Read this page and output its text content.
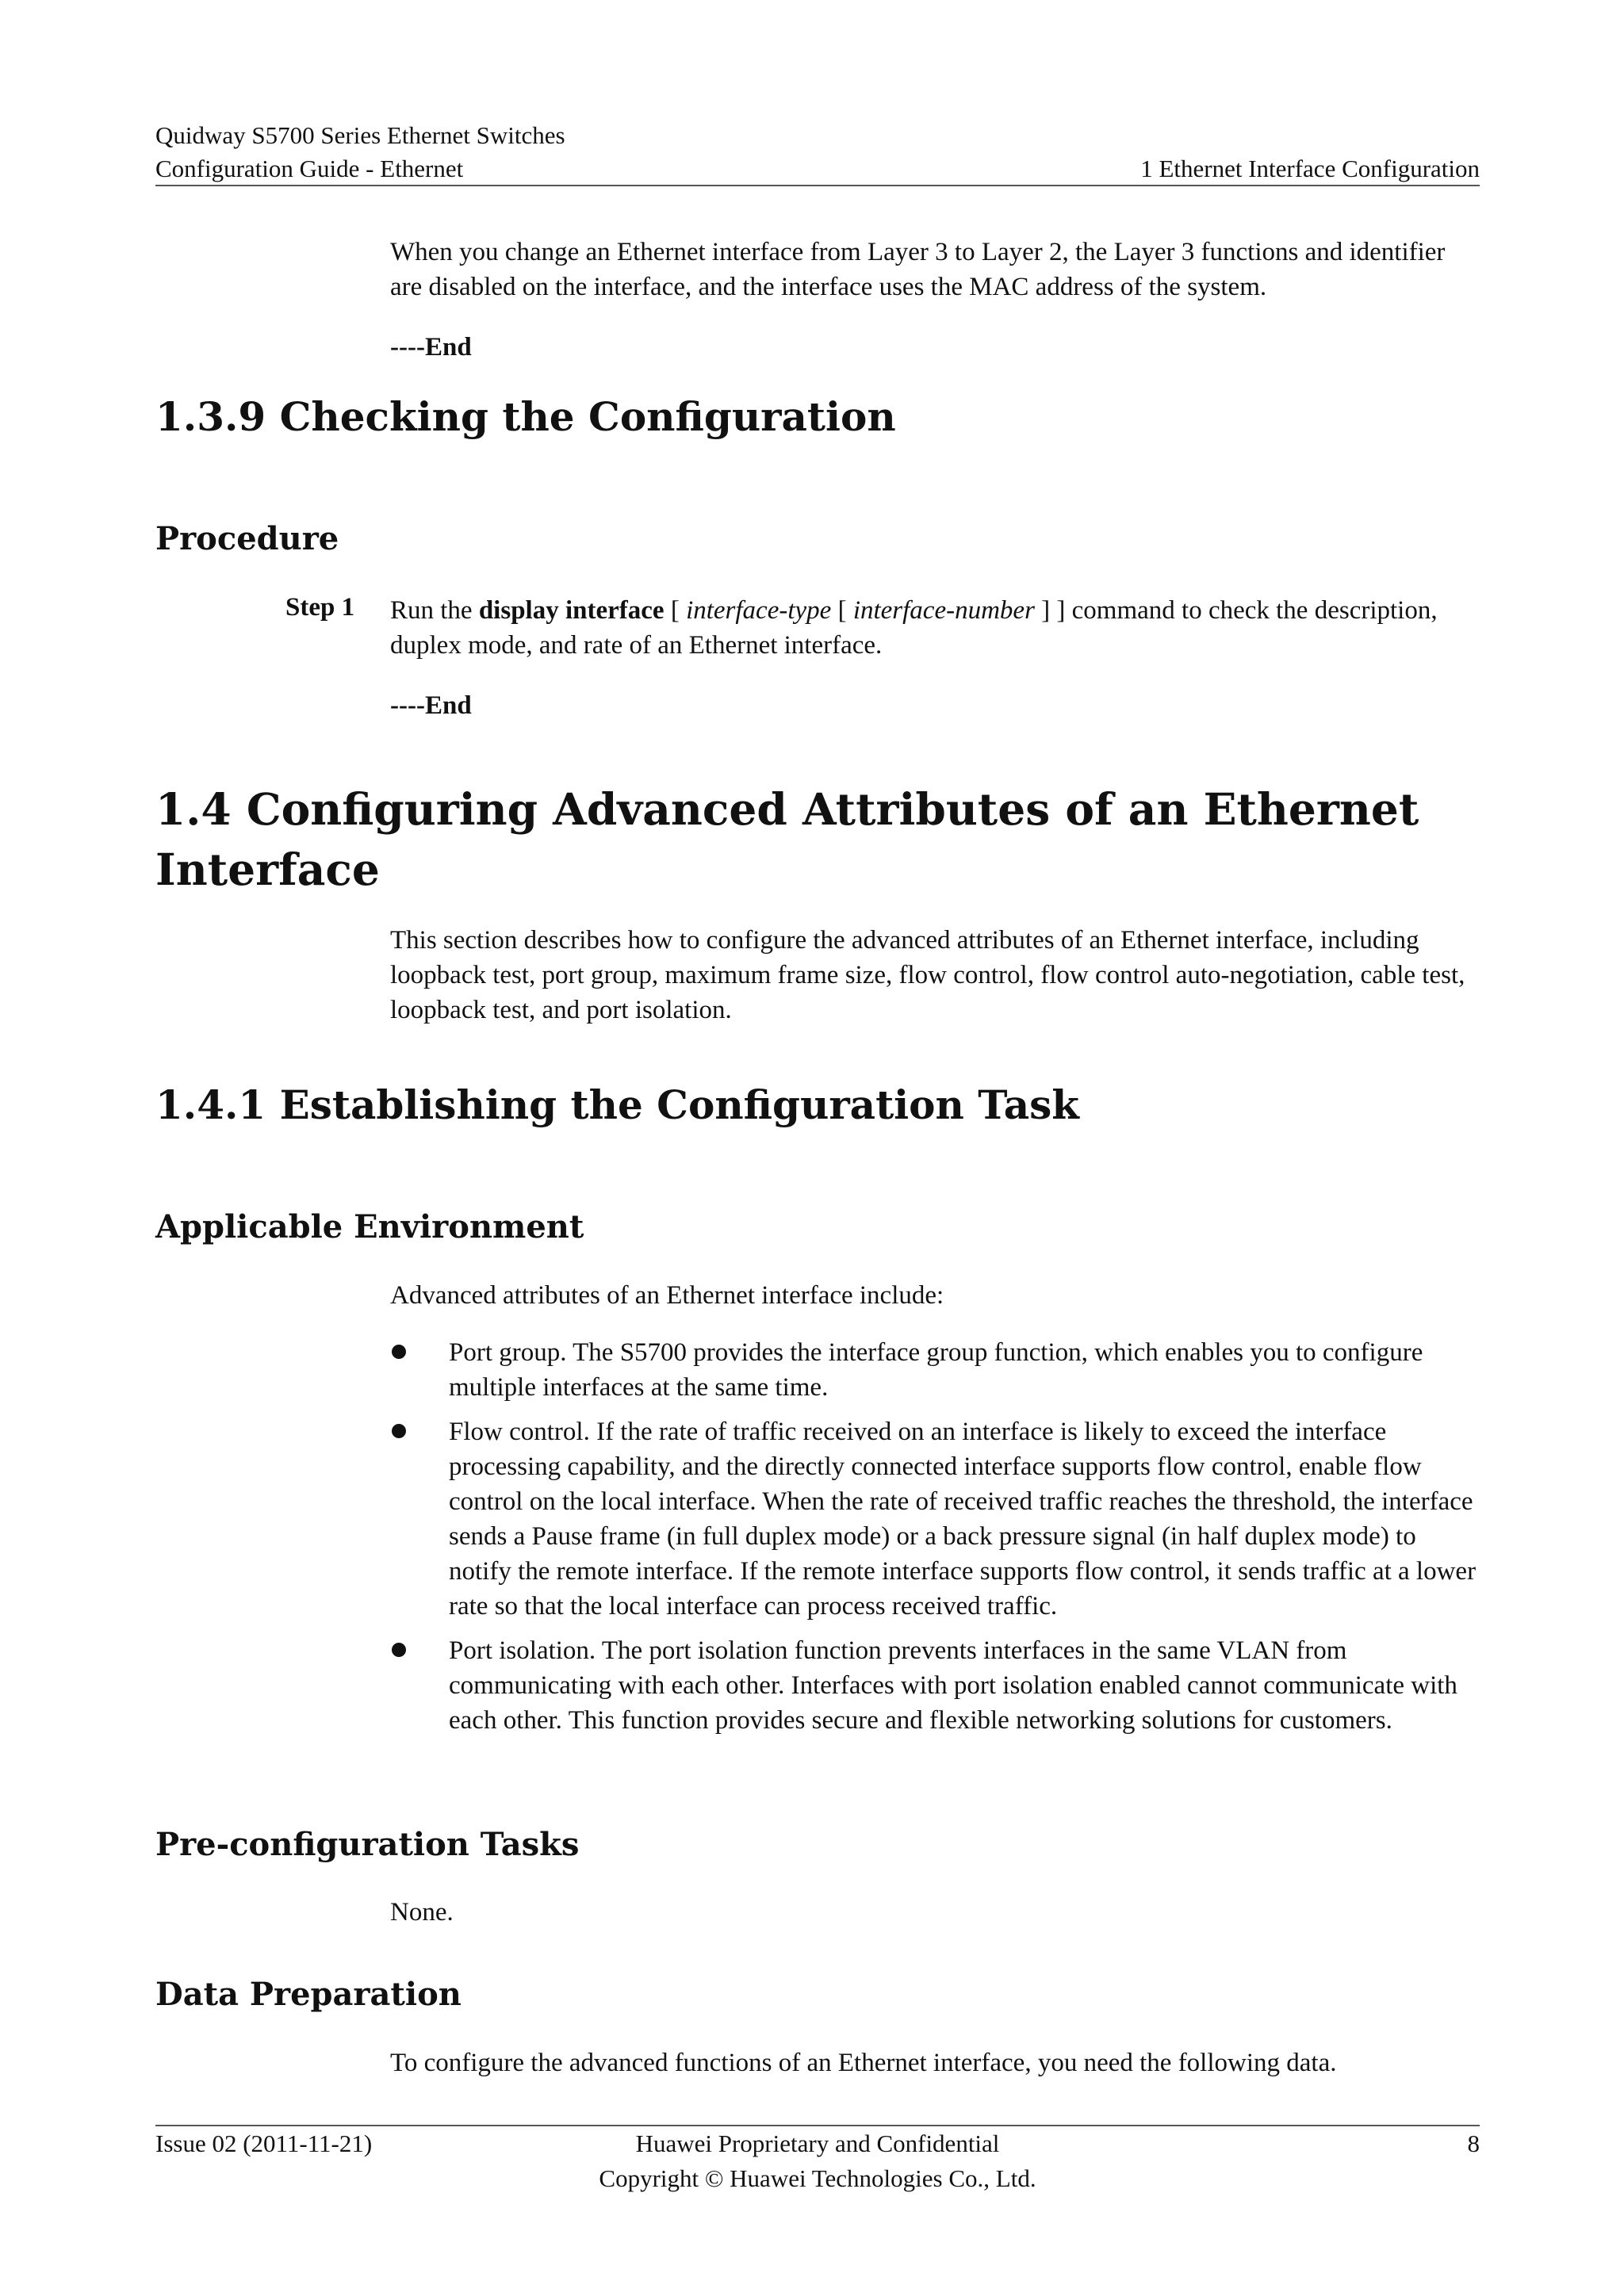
Quidway S5700 Series Ethernet Switches
Configuration Guide - Ethernet	1 Ethernet Interface Configuration
When you change an Ethernet interface from Layer 3 to Layer 2, the Layer 3 functions and identifier are disabled on the interface, and the interface uses the MAC address of the system.
----End
1.3.9 Checking the Configuration
Procedure
Step 1 Run the display interface [ interface-type [ interface-number ] ] command to check the description, duplex mode, and rate of an Ethernet interface.
----End
1.4 Configuring Advanced Attributes of an Ethernet Interface
This section describes how to configure the advanced attributes of an Ethernet interface, including loopback test, port group, maximum frame size, flow control, flow control auto-negotiation, cable test, loopback test, and port isolation.
1.4.1 Establishing the Configuration Task
Applicable Environment
Advanced attributes of an Ethernet interface include:
Port group. The S5700 provides the interface group function, which enables you to configure multiple interfaces at the same time.
Flow control. If the rate of traffic received on an interface is likely to exceed the interface processing capability, and the directly connected interface supports flow control, enable flow control on the local interface. When the rate of received traffic reaches the threshold, the interface sends a Pause frame (in full duplex mode) or a back pressure signal (in half duplex mode) to notify the remote interface. If the remote interface supports flow control, it sends traffic at a lower rate so that the local interface can process received traffic.
Port isolation. The port isolation function prevents interfaces in the same VLAN from communicating with each other. Interfaces with port isolation enabled cannot communicate with each other. This function provides secure and flexible networking solutions for customers.
Pre-configuration Tasks
None.
Data Preparation
To configure the advanced functions of an Ethernet interface, you need the following data.
Issue 02 (2011-11-21)	8
Huawei Proprietary and Confidential
Copyright © Huawei Technologies Co., Ltd.
